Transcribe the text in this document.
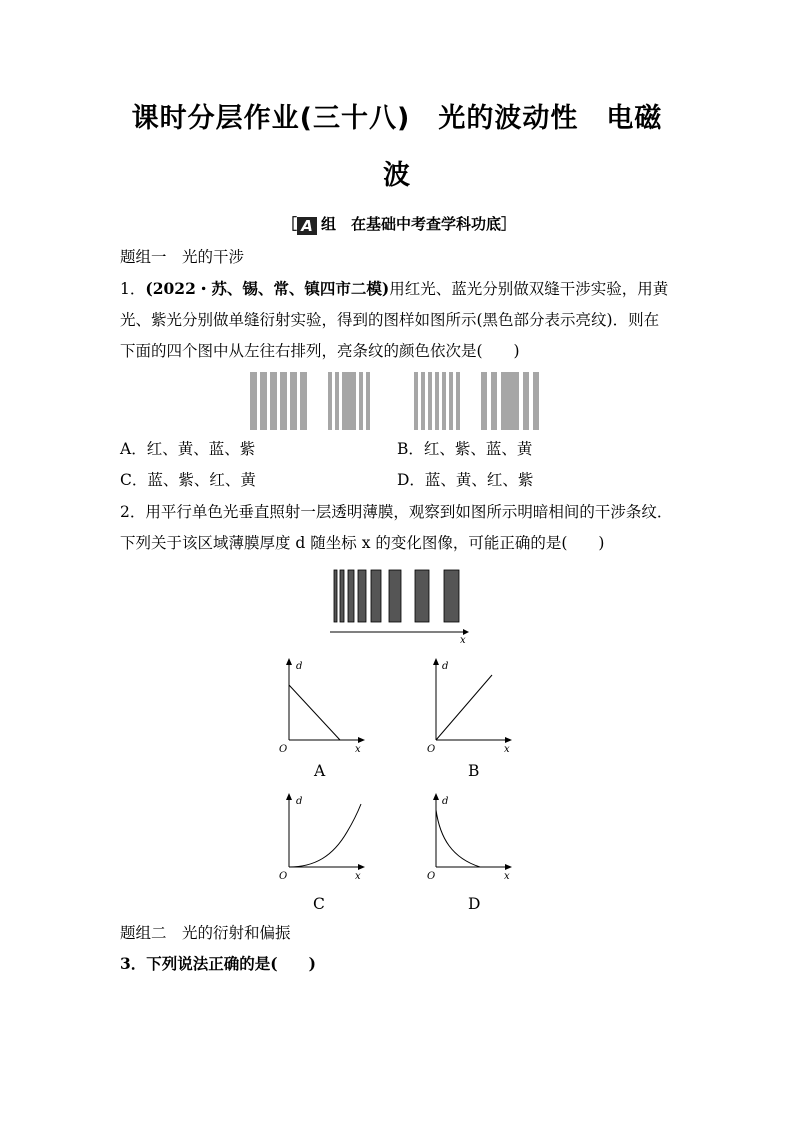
课时分层作业(三十八)　光的波动性　电磁
波
［ A 组　在基础中考查学科功底］
题组一　光的干涉
1．(2022・苏、锡、常、镇四市二模)用红光、蓝光分别做双缝干涉实验，用黄
光、紫光分别做单缝衍射实验，得到的图样如图所示(黑色部分表示亮纹)．则在
下面的四个图中从左往右排列，亮条纹的颜色依次是(　　)
A．红、黄、蓝、紫	B．红、紫、蓝、黄
C．蓝、紫、红、黄	D．蓝、黄、红、紫
2．用平行单色光垂直照射一层透明薄膜，观察到如图所示明暗相间的干涉条纹．
下列关于该区域薄膜厚度 d 随坐标 x 的变化图像，可能正确的是(　　)
x
d
O	x
A
d
O	x
B
d
O	x
C
d
O	x
D
题组二　光的衍射和偏振
3．下列说法正确的是(　　)
